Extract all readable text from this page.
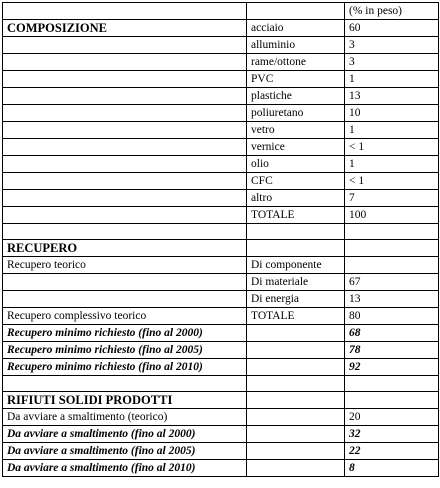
		(% in peso)
COMPOSIZIONE	acciaio	60
	alluminio	3
	rame/ottone	3
	PVC	1
	plastiche	13
	poliuretano	10
	vetro	1
	vernice	< 1
	olio	1
	CFC	< 1
	altro	7
	TOTALE	100

RECUPERO		
Recupero teorico	Di componente	
	Di materiale	67
	Di energia	13
Recupero complessivo teorico	TOTALE	80
Recupero minimo richiesto (fino al 2000)		68
Recupero minimo richiesto (fino al 2005)		78
Recupero minimo richiesto (fino al 2010)		92

RIFIUTI SOLIDI PRODOTTI		
Da avviare a smaltimento (teorico)		20
Da avviare a smaltimento (fino al 2000)		32
Da avviare a smaltimento (fino al 2005)		22
Da avviare a smaltimento (fino al 2010)		8
